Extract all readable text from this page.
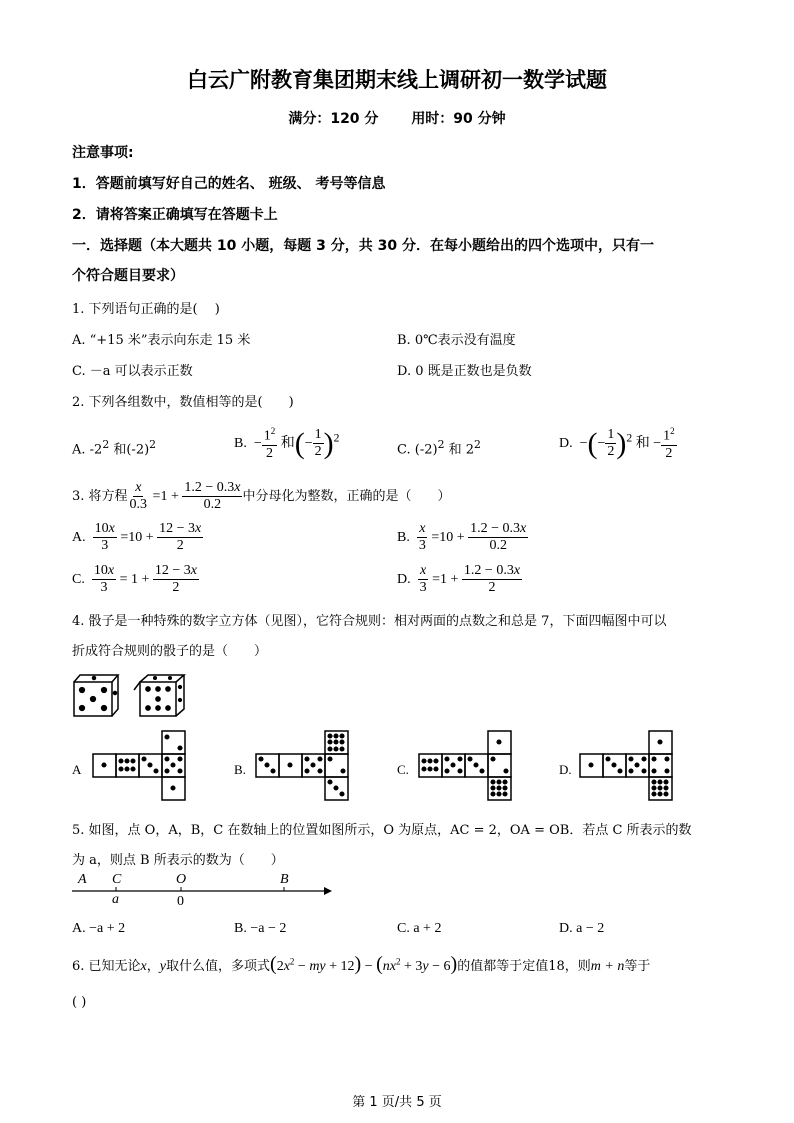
白云广附教育集团期末线上调研初一数学试题
满分：120 分 用时：90 分钟
注意事项:
1．答题前填写好自己的姓名、 班级、 考号等信息
2．请将答案正确填写在答题卡上
一．选择题（本大题共 10 小题，每题 3 分，共 30 分．在每小题给出的四个选项中，只有一
个符合题目要求）
1. 下列语句正确的是(　 )
A. “+15 米”表示向东走 15 米	B. 0℃表示没有温度
C. －a 可以表示正数	D. 0 既是正数也是负数
2. 下列各组数中，数值相等的是(　　)
A. $-2^2$ 和$(-2)^2$	B.  − $\frac{1^2}{2}$ 和(− $\frac{1}{2} )^2$
C. $(-2)^2$ 和 $2^2$	D.  −(− $\frac{1}{2} )^2$ 和 − $\frac{1^2}{2}$
3. 将方程 $\frac{x}{0.3} =1 + \frac{1.2 - 0.3x}{0.2}$ 中分母化为整数，正确的是（　　）
A. $\frac{10x}{3} =10 + \frac{12 - 3x}{2}$	B. $\frac{x}{3} =10 + \frac{1.2 - 0.3x}{0.2}$
C. $\frac{10x}{3} = 1 + \frac{12 - 3x}{2}$	D. $\frac{x}{3} =1 + \frac{1.2 - 0.3x}{2}$
4. 骰子是一种特殊的数字立方体（见图），它符合规则：相对两面的点数之和总是 7，下面四幅图中可以
折成符合规则的骰子的是（　　）
A	B.	C.	D.
5. 如图，点 O，A，B，C 在数轴上的位置如图所示，O 为原点，AC = 2，OA = OB．若点 C 所表示的数
为 a，则点 B 所表示的数为（　　）
A C	O	B
a	0
A. −a + 2	B. −a − 2	C. a + 2	D. a − 2
6. 已知无论x，y取什么值，多项式($2x^2$ − my + $12) - (nx^2 + 3y - 6)$的值都等于定值18，则m + n等于
( )
第 1 页/共 5 页
